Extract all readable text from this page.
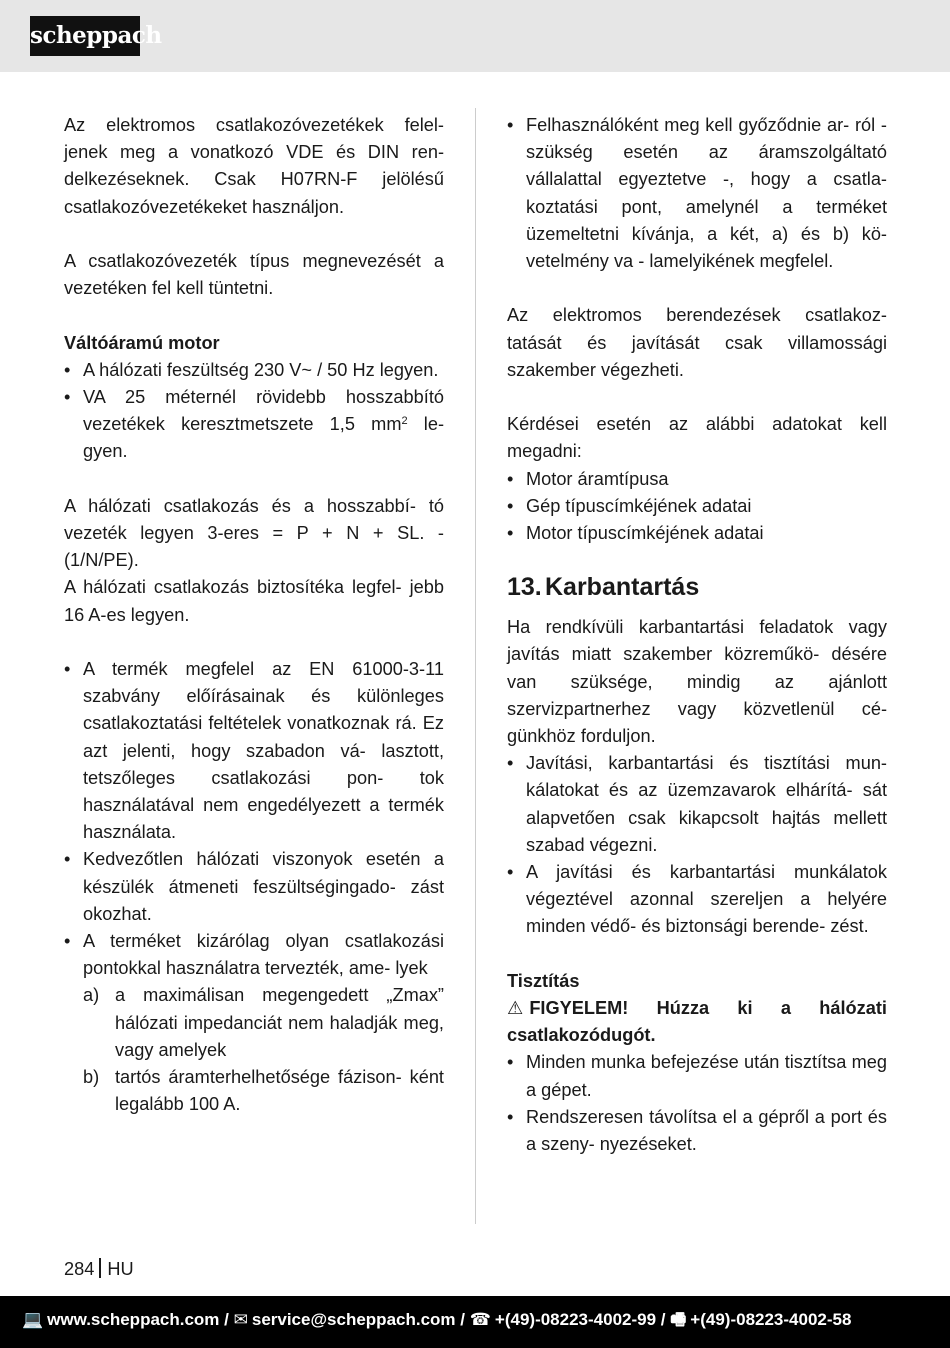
scheppach

Az elektromos csatlakozóvezetékek felel- jenek meg a vonatkozó VDE és DIN ren- delkezéseknek. Csak H07RN-F jelölésű csatlakozóvezetékeket használjon.

A csatlakozóvezeték típus megnevezését a vezetéken fel kell tüntetni.

Váltóáramú motor

• A hálózati feszültség 230 V~ / 50 Hz legyen.
• VA 25 méternél rövidebb hosszabbító vezetékek keresztmetszete 1,5 $mm^2$ le- gyen.

A hálózati csatlakozás és a hosszabbí- tó vezeték legyen 3-eres = P + N + SL. - (1/N/PE).

A hálózati csatlakozás biztosítéka legfel- jebb 16 A-es legyen.

• A termék megfelel az EN 61000-3-11 szabvány előírásainak és különleges csatlakoztatási feltételek vonatkoznak rá. Ez azt jelenti, hogy szabadon vá- lasztott, tetszőleges csatlakozási pon- tok használatával nem engedélyezett a termék használata.
• Kedvezőtlen hálózati viszonyok esetén a készülék átmeneti feszültségingado- zást okozhat.
• A terméket kizárólag olyan csatlakozási pontokkal használatra tervezték, ame- lyek
a) a maximálisan megengedett „Zmax” hálózati impedanciát nem haladják meg, vagy amelyek
b) tartós áramterhelhetősége fázison- ként legalább 100 A.
• Felhasználóként meg kell győződnie ar- ról - szükség esetén az áramszolgáltató vállalattal egyeztetve -, hogy a csatla- koztatási pont, amelynél a terméket üzemeltetni kívánja, a két, a) és b) kö- vetelmény va - lamelyikének megfelel.

Az elektromos berendezések csatlakoz- tatását és javítását csak villamossági szakember végezheti.

Kérdései esetén az alábbi adatokat kell megadni:

• Motor áramtípusa
• Gép típuscímkéjének adatai
• Motor típuscímkéjének adatai
13. Karbantartás

Ha rendkívüli karbantartási feladatok vagy javítás miatt szakember közreműkö- désére van szüksége, mindig az ajánlott szervizpartnerhez vagy közvetlenül cé- günkhöz forduljon.

• Javítási, karbantartási és tisztítási mun- kálatokat és az üzemzavarok elhárítá- sát alapvetően csak kikapcsolt hajtás mellett szabad végezni.
• A javítási és karbantartási munkálatok végeztével azonnal szereljen a helyére minden védő- és biztonsági berende- zést.

Tisztítás

⚠ FIGYELEM! Húzza ki a hálózati csatlakozódugót.

• Minden munka befejezése után tisztítsa meg a gépet.
• Rendszeresen távolítsa el a gépről a port és a szeny- nyezéseket.
284 HU
💻 www.scheppach.com / ✉ service@scheppach.com / ☎ +(49)-08223-4002-99 / 🖷 +(49)-08223-4002-58
